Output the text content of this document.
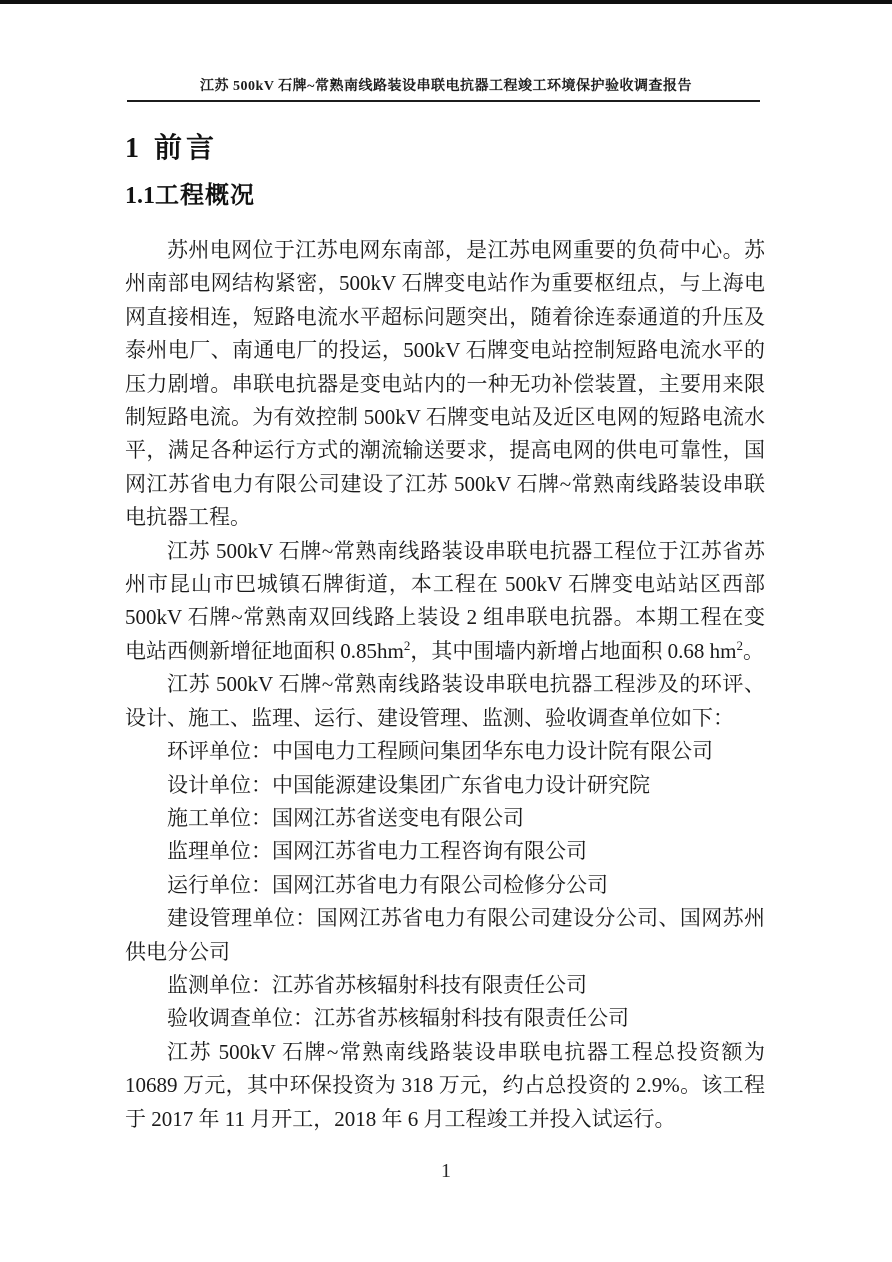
江苏 500kV 石牌~常熟南线路装设串联电抗器工程竣工环境保护验收调查报告
1 前言
1.1工程概况

苏州电网位于江苏电网东南部，是江苏电网重要的负荷中心。苏州南部电网结构紧密，500kV 石牌变电站作为重要枢纽点，与上海电网直接相连，短路电流水平超标问题突出，随着徐连泰通道的升压及泰州电厂、南通电厂的投运，500kV 石牌变电站控制短路电流水平的压力剧增。串联电抗器是变电站内的一种无功补偿装置，主要用来限制短路电流。为有效控制 500kV 石牌变电站及近区电网的短路电流水平，满足各种运行方式的潮流输送要求，提高电网的供电可靠性，国网江苏省电力有限公司建设了江苏 500kV 石牌~常熟南线路装设串联电抗器工程。

江苏 500kV 石牌~常熟南线路装设串联电抗器工程位于江苏省苏州市昆山市巴城镇石牌街道，本工程在 500kV 石牌变电站站区西部 500kV 石牌~常熟南双回线路上装设 2 组串联电抗器。本期工程在变电站西侧新增征地面积 $0.85hm^2$，其中围墙内新增占地面积 0.68 $hm^2$。

江苏 500kV 石牌~常熟南线路装设串联电抗器工程涉及的环评、设计、施工、监理、运行、建设管理、监测、验收调查单位如下：

环评单位：中国电力工程顾问集团华东电力设计院有限公司

设计单位：中国能源建设集团广东省电力设计研究院

施工单位：国网江苏省送变电有限公司

监理单位：国网江苏省电力工程咨询有限公司

运行单位：国网江苏省电力有限公司检修分公司

建设管理单位：国网江苏省电力有限公司建设分公司、国网苏州供电分公司

监测单位：江苏省苏核辐射科技有限责任公司

验收调查单位：江苏省苏核辐射科技有限责任公司

江苏 500kV 石牌~常熟南线路装设串联电抗器工程总投资额为 10689 万元，其中环保投资为 318 万元，约占总投资的 2.9%。该工程于 2017 年 11 月开工，2018 年 6 月工程竣工并投入试运行。

1
